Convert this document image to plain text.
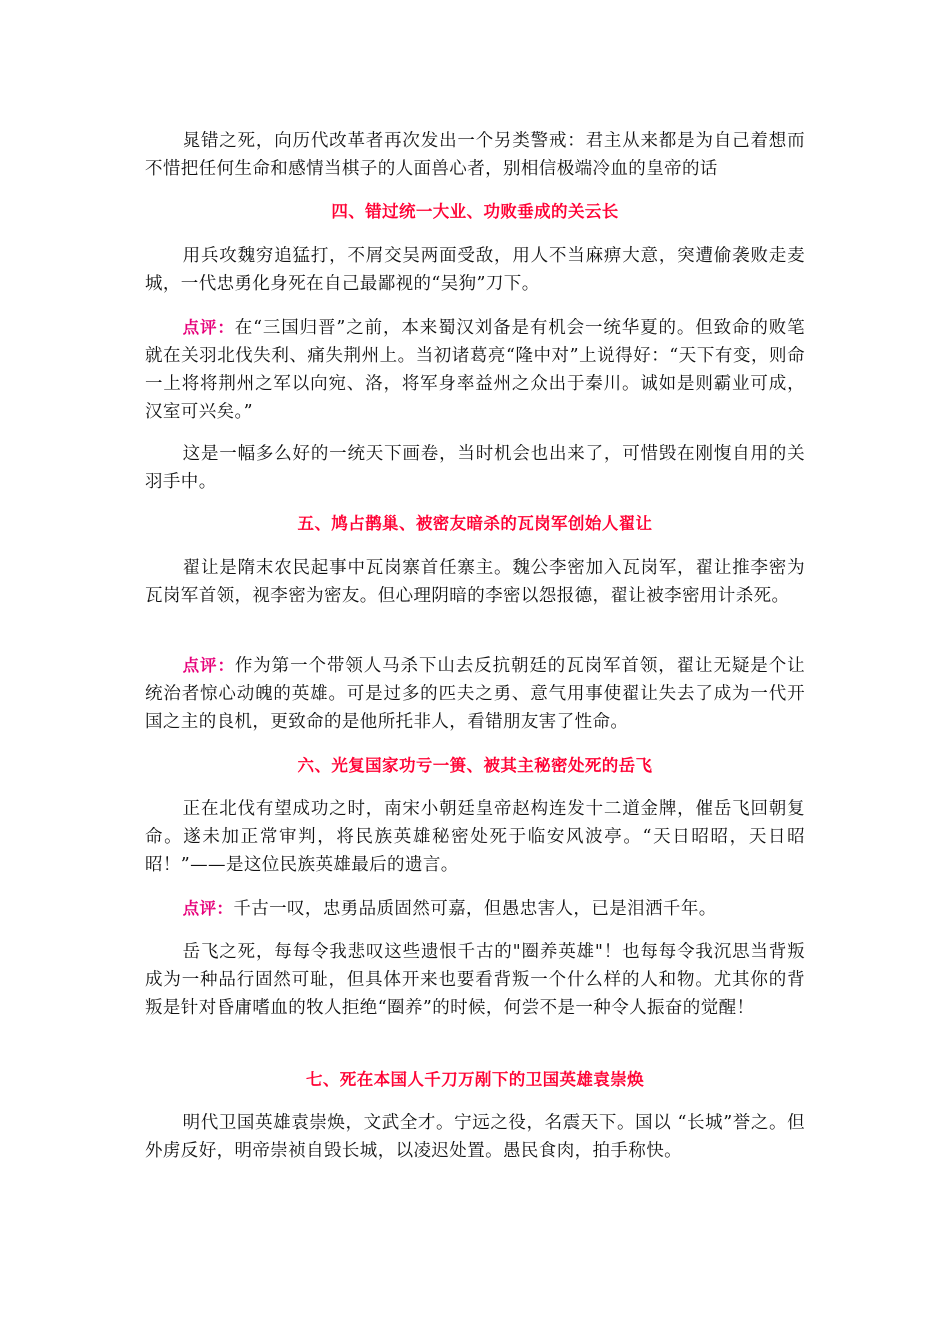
晁错之死，向历代改革者再次发出一个另类警戒：君主从来都是为自己着想而不惜把任何生命和感情当棋子的人面兽心者，别相信极端冷血的皇帝的话

四、错过统一大业、功败垂成的关云长

用兵攻魏穷追猛打，不屑交吴两面受敌，用人不当麻痹大意，突遭偷袭败走麦城，一代忠勇化身死在自己最鄙视的“吴狗”刀下。

点评：在“三国归晋”之前，本来蜀汉刘备是有机会一统华夏的。但致命的败笔就在关羽北伐失利、痛失荆州上。当初诸葛亮“隆中对”上说得好：“天下有变，则命一上将将荆州之军以向宛、洛，将军身率益州之众出于秦川。诚如是则霸业可成，汉室可兴矣。”

这是一幅多么好的一统天下画卷，当时机会也出来了，可惜毁在刚愎自用的关羽手中。

五、鸠占鹊巢、被密友暗杀的瓦岗军创始人翟让

翟让是隋末农民起事中瓦岗寨首任寨主。魏公李密加入瓦岗军，翟让推李密为瓦岗军首领，视李密为密友。但心理阴暗的李密以怨报德，翟让被李密用计杀死。

点评：作为第一个带领人马杀下山去反抗朝廷的瓦岗军首领，翟让无疑是个让统治者惊心动魄的英雄。可是过多的匹夫之勇、意气用事使翟让失去了成为一代开国之主的良机，更致命的是他所托非人，看错朋友害了性命。

六、光复国家功亏一篑、被其主秘密处死的岳飞

正在北伐有望成功之时，南宋小朝廷皇帝赵构连发十二道金牌，催岳飞回朝复命。遂未加正常审判，将民族英雄秘密处死于临安风波亭。“天日昭昭，天日昭昭！”——是这位民族英雄最后的遗言。

点评：千古一叹，忠勇品质固然可嘉，但愚忠害人，已是泪洒千年。

岳飞之死，每每令我悲叹这些遗恨千古的"圈养英雄"！也每每令我沉思当背叛成为一种品行固然可耻，但具体开来也要看背叛一个什么样的人和物。尤其你的背叛是针对昏庸嗜血的牧人拒绝“圈养”的时候，何尝不是一种令人振奋的觉醒！

七、死在本国人千刀万剐下的卫国英雄袁崇焕

明代卫国英雄袁崇焕，文武全才。宁远之役，名震天下。国以 “长城”誉之。但外虏反好，明帝崇祯自毁长城，以凌迟处置。愚民食肉，拍手称快。
